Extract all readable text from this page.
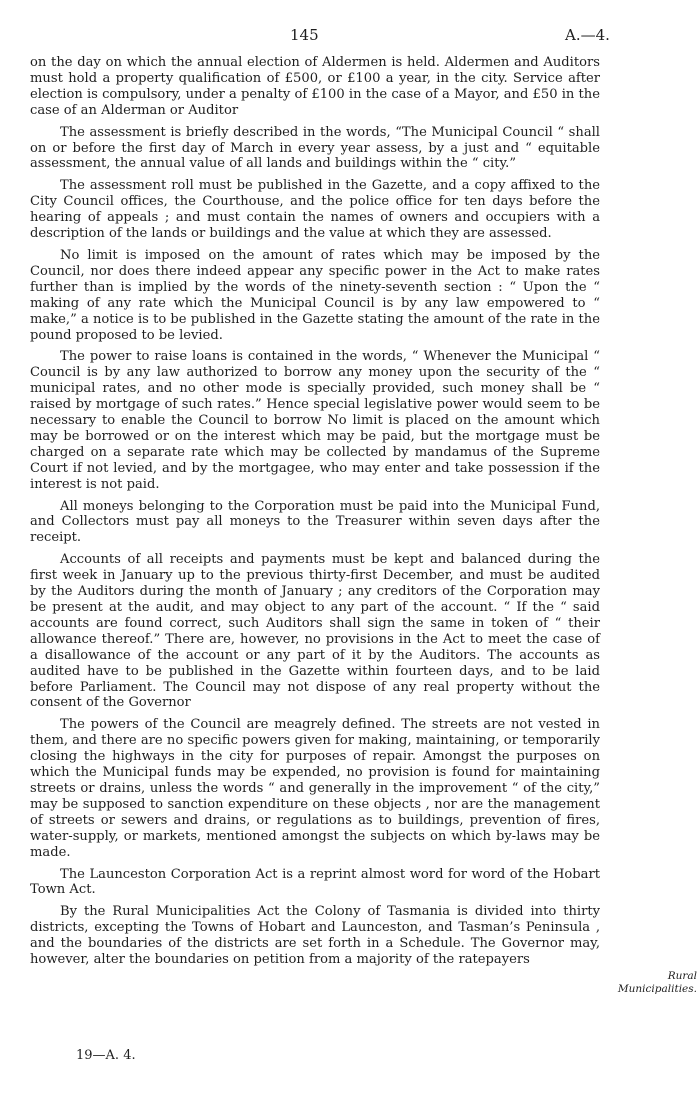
145	A.—4.

on the day on which the annual election of Aldermen is held. Aldermen and Auditors must hold a property qualification of £500, or £100 a year, in the city. Service after election is compulsory, under a penalty of £100 in the case of a Mayor, and £50 in the case of an Alderman or Auditor

The assessment is briefly described in the words, “The Municipal Council “ shall on or before the first day of March in every year assess, by a just and “ equitable assessment, the annual value of all lands and buildings within the “ city.”

The assessment roll must be published in the Gazette, and a copy affixed to the City Council offices, the Courthouse, and the police office for ten days before the hearing of appeals ; and must contain the names of owners and occupiers with a description of the lands or buildings and the value at which they are assessed.

No limit is imposed on the amount of rates which may be imposed by the Council, nor does there indeed appear any specific power in the Act to make rates further than is implied by the words of the ninety-seventh section : “ Upon the “ making of any rate which the Municipal Council is by any law empowered to “ make,” a notice is to be published in the Gazette stating the amount of the rate in the pound proposed to be levied.

The power to raise loans is contained in the words, “ Whenever the Municipal “ Council is by any law authorized to borrow any money upon the security of the “ municipal rates, and no other mode is specially provided, such money shall be “ raised by mortgage of such rates.” Hence special legislative power would seem to be necessary to enable the Council to borrow No limit is placed on the amount which may be borrowed or on the interest which may be paid, but the mortgage must be charged on a separate rate which may be collected by mandamus of the Supreme Court if not levied, and by the mortgagee, who may enter and take possession if the interest is not paid.

All moneys belonging to the Corporation must be paid into the Municipal Fund, and Collectors must pay all moneys to the Treasurer within seven days after the receipt.

Accounts of all receipts and payments must be kept and balanced during the first week in January up to the previous thirty-first December, and must be audited by the Auditors during the month of January ; any creditors of the Corporation may be present at the audit, and may object to any part of the account. “ If the “ said accounts are found correct, such Auditors shall sign the same in token of “ their allowance thereof.” There are, however, no provisions in the Act to meet the case of a disallowance of the account or any part of it by the Auditors. The accounts as audited have to be published in the Gazette within fourteen days, and to be laid before Parliament. The Council may not dispose of any real property without the consent of the Governor

The powers of the Council are meagrely defined. The streets are not vested in them, and there are no specific powers given for making, maintaining, or temporarily closing the highways in the city for purposes of repair. Amongst the purposes on which the Municipal funds may be expended, no provision is found for maintaining streets or drains, unless the words “ and generally in the improvement “ of the city,” may be supposed to sanction expenditure on these objects , nor are the management of streets or sewers and drains, or regulations as to buildings, prevention of fires, water-supply, or markets, mentioned amongst the subjects on which by-laws may be made.

The Launceston Corporation Act is a reprint almost word for word of the Hobart Town Act.

By the Rural Municipalities Act the Colony of Tasmania is divided into thirty districts, excepting the Towns of Hobart and Launceston, and Tasman’s Peninsula , and the boundaries of the districts are set forth in a Schedule. The Governor may, however, alter the boundaries on petition from a majority of the ratepayers

Rural Municipalities.
19—A. 4.
